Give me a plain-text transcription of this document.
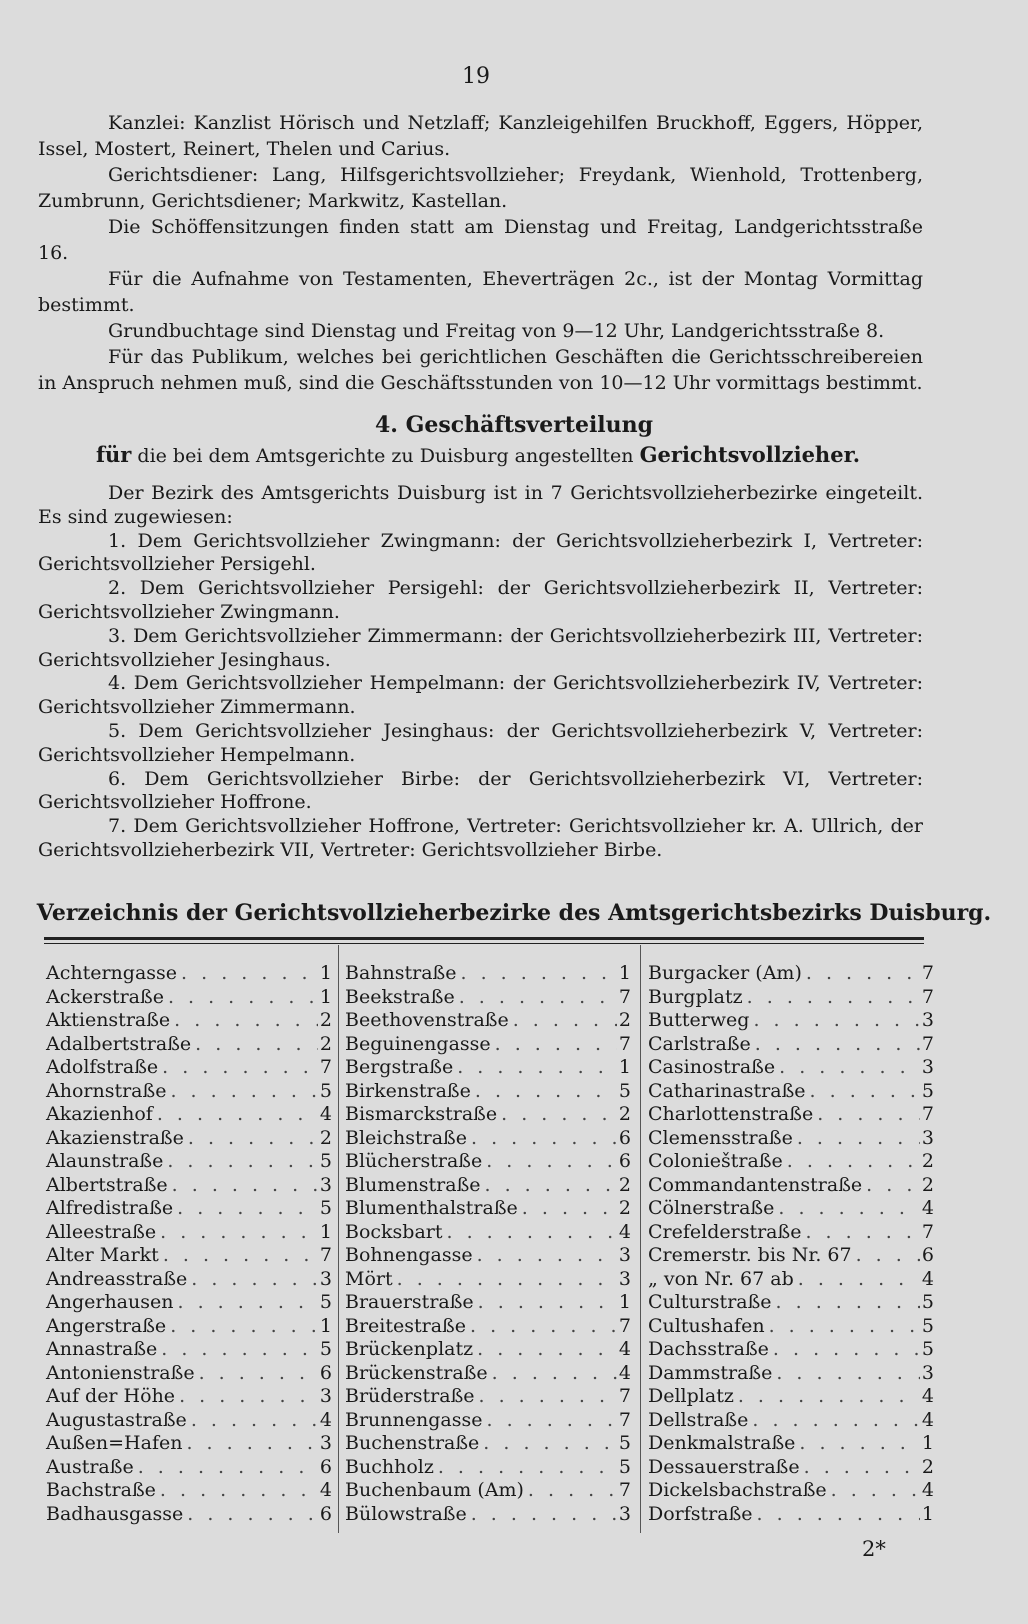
19

Kanzlei: Kanzlist Hörisch und Netzlaff; Kanzleigehilfen Bruckhoff, Eggers, Höpper, Issel, Mostert, Reinert, Thelen und Carius.

Gerichtsdiener: Lang, Hilfsgerichtsvollzieher; Freydank, Wienhold, Trottenberg, Zumbrunn, Gerichtsdiener; Markwitz, Kastellan.

Die Schöffensitzungen finden statt am Dienstag und Freitag, Landgerichtsstraße 16.

Für die Aufnahme von Testamenten, Eheverträgen 2c., ist der Montag Vormittag bestimmt.

Grundbuchtage sind Dienstag und Freitag von 9—12 Uhr, Landgerichtsstraße 8.

Für das Publikum, welches bei gerichtlichen Geschäften die Gerichtsschreibereien in Anspruch nehmen muß, sind die Geschäftsstunden von 10—12 Uhr vormittags bestimmt.

4. Geschäftsverteilung
für die bei dem Amtsgerichte zu Duisburg angestellten Gerichtsvollzieher.

Der Bezirk des Amtsgerichts Duisburg ist in 7 Gerichtsvollzieherbezirke eingeteilt. Es sind zugewiesen:

1. Dem Gerichtsvollzieher Zwingmann: der Gerichtsvollzieherbezirk I, Vertreter: Gerichtsvollzieher Persigehl.

2. Dem Gerichtsvollzieher Persigehl: der Gerichtsvollzieherbezirk II, Vertreter: Gerichtsvollzieher Zwingmann.

3. Dem Gerichtsvollzieher Zimmermann: der Gerichtsvollzieherbezirk III, Vertreter: Gerichtsvollzieher Jesinghaus.

4. Dem Gerichtsvollzieher Hempelmann: der Gerichtsvollzieherbezirk IV, Vertreter: Gerichtsvollzieher Zimmermann.

5. Dem Gerichtsvollzieher Jesinghaus: der Gerichtsvollzieherbezirk V, Vertreter: Gerichtsvollzieher Hempelmann.

6. Dem Gerichtsvollzieher Birbe: der Gerichtsvollzieherbezirk VI, Vertreter: Gerichtsvollzieher Hoffrone.

7. Dem Gerichtsvollzieher Hoffrone, Vertreter: Gerichtsvollzieher kr. A. Ullrich, der Gerichtsvollzieherbezirk VII, Vertreter: Gerichtsvollzieher Birbe.

Verzeichnis der Gerichtsvollzieherbezirke des Amtsgerichtsbezirks Duisburg.
Achterngasse . . .	1
Ackerstraße . . .	1
Aktienstraße . . .	2
Adalbertstraße . . .	2
Adolfstraße . . .	7
Ahornstraße . . .	5
Akazienhof . . .	4
Akazienstraße . . .	2
Alaunstraße . . .	5
Albertstraße . . .	3
Alfredistraße . . .	5
Alleestraße . . .	1
Alter Markt . . .	7
Andreasstraße . . .	3
Angerhausen . . .	5
Angerstraße . . .	1
Annastraße . . .	5
Antonienstraße . . .	6
Auf der Höhe . . .	3
Augustastraße . . .	4
Außen=Hafen . . .	3
Austraße . . .	6
Bachstraße . . .	4
Badhausgasse . . .	6
Bahnstraße . . .	1
Beekstraße . . .	7
Beethovenstraße . . .	2
Beguinengasse . . .	7
Bergstraße . . .	1
Birkenstraße . . .	5
Bismarckstraße . . .	2
Bleichstraße . . .	6
Blücherstraße . . .	6
Blumenstraße . . .	2
Blumenthalstraße . . .	2
Bocksbart . . .	4
Bohnengasse . . .	3
Mört . . .	3
Brauerstraße . . .	1
Breitestraße . . .	7
Brückenplatz . . .	4
Brückenstraße . . .	4
Brüderstraße . . .	7
Brunnengasse . . .	7
Buchenstraße . . .	5
Buchholz . . .	5
Buchenbaum (Am) . . .	7
Bülowstraße . . .	3
Burgacker (Am) . . .	7
Burgplatz . . .	7
Butterweg . . .	3
Carlstraße . . .	7
Casinostraße . . .	3
Catharinastraße . . .	5
Charlottenstraße . . .	7
Clemensstraße . . .	3
Colonieštraße . . .	2
Commandantenstraße . . .	2
Cölnerstraße . . .	4
Crefelderstraße . . .	7
Cremerstr. bis Nr. 67 . . .	6
„ von Nr. 67 ab . . .	4
Culturstraße . . .	5
Cultushafen . . .	5
Dachsstraße . . .	5
Dammstraße . . .	3
Dellplatz . . .	4
Dellstraße . . .	4
Denkmalstraße . . .	1
Dessauerstraße . . .	2
Dickelsbachstraße . . .	4
Dorfstraße . . .	1
2*
